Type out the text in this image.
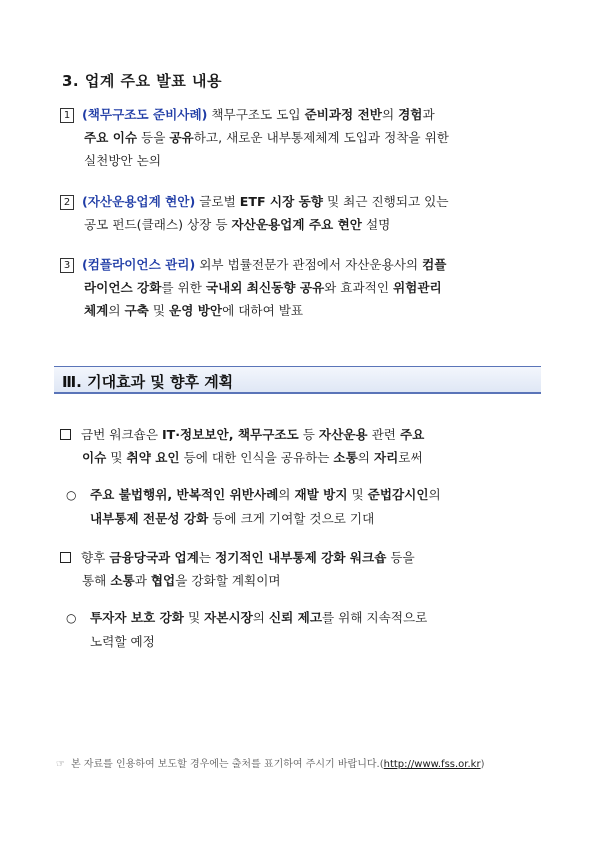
3. 업계 주요 발표 내용
1 (책무구조도 준비사례) 책무구조도 도입 준비과정 전반의 경험과
주요 이슈 등을 공유하고, 새로운 내부통제체계 도입과 정착을 위한
실천방안 논의
2 (자산운용업계 현안) 글로벌 ETF 시장 동향 및 최근 진행되고 있는
공모 펀드(클래스) 상장 등 자산운용업계 주요 현안 설명
3 (컴플라이언스 관리) 외부 법률전문가 관점에서 자산운용사의 컴플
라이언스 강화를 위한 국내외 최신동향 공유와 효과적인 위험관리
체계의 구축 및 운영 방안에 대하여 발표
Ⅲ. 기대효과 및 향후 계획
금번 워크숍은 IT·정보보안, 책무구조도 등 자산운용 관련 주요
이슈 및 취약 요인 등에 대한 인식을 공유하는 소통의 자리로써
○ 주요 불법행위, 반복적인 위반사례의 재발 방지 및 준법감시인의
내부통제 전문성 강화 등에 크게 기여할 것으로 기대
향후 금융당국과 업계는 정기적인 내부통제 강화 워크숍 등을
통해 소통과 협업을 강화할 계획이며
○ 투자자 보호 강화 및 자본시장의 신뢰 제고를 위해 지속적으로
노력할 예정
☞ 본 자료를 인용하여 보도할 경우에는 출처를 표기하여 주시기 바랍니다.(http://www.fss.or.kr)
